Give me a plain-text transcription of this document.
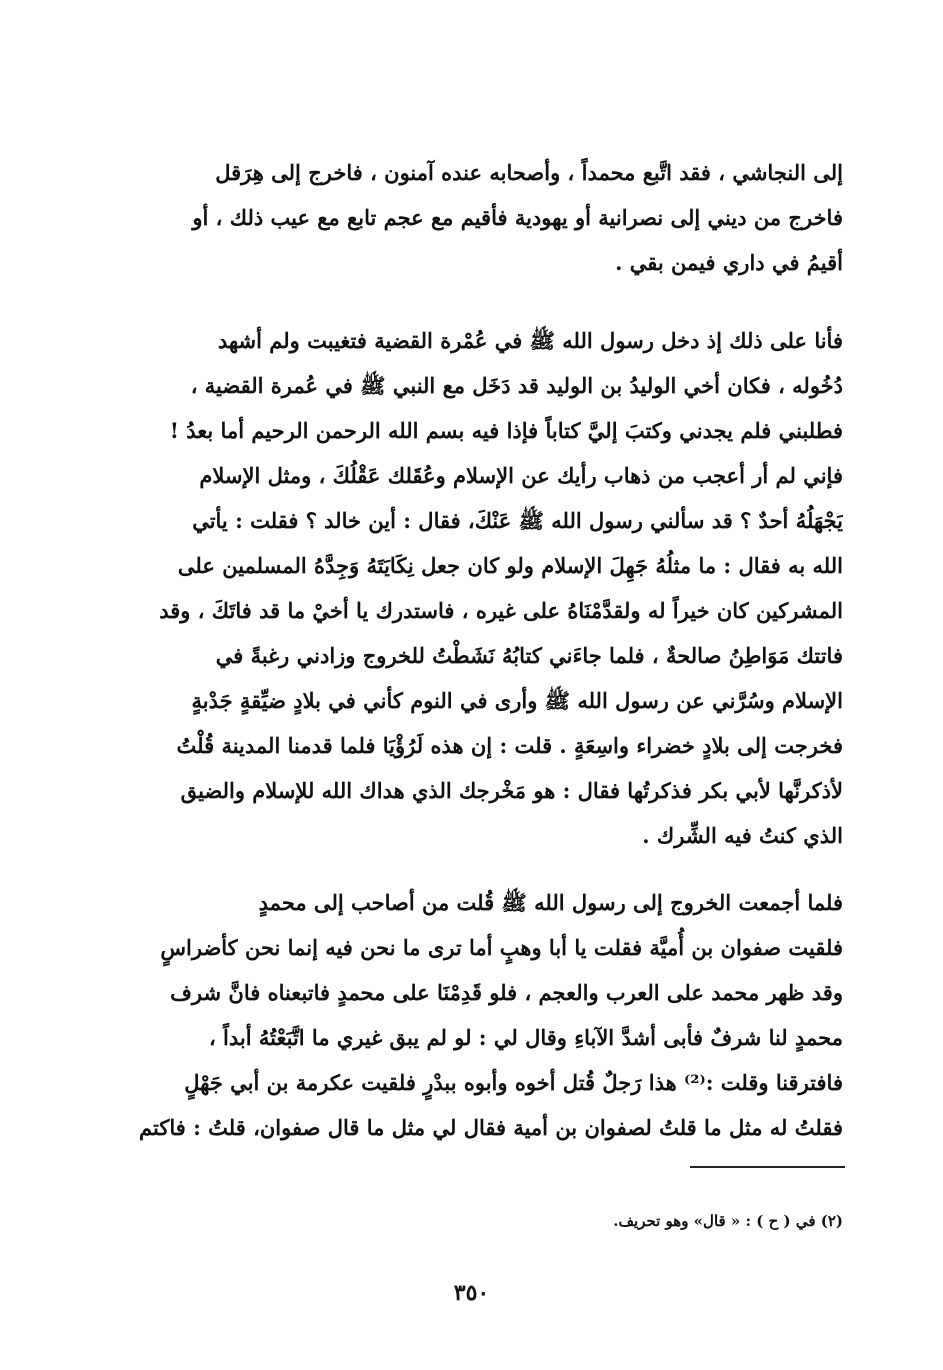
إلى النجاشي ، فقد اتَّبع محمداً ، وأصحابه عنده آمنون ، فاخرج إلى هِرَقل
فاخرج من ديني إلى نصرانية أو يهودية فأقيم مع عجم تابع مع عيب ذلك ، أو
أقيمُ في داري فيمن بقي .
فأنا على ذلك إذ دخل رسول الله ﷺ في عُمْرة القضية فتغيبت ولم أشهد
دُخُوله ، فكان أخي الوليدُ بن الوليد قد دَخَل مع النبي ﷺ في عُمرة القضية ،
فطلبني فلم يجدني وكتبَ إليَّ كتاباً فإذا فيه بسم الله الرحمن الرحيم أما بعدُ !
فإني لم أر أعجب من ذهاب رأيك عن الإسلام وعُقَلك عَقْلُكَ ، ومثل الإسلام
يَجْهَلُهُ أحدٌ ؟ قد سألني رسول الله ﷺ عَنْكَ، فقال : أين خالد ؟ فقلت : يأتي
الله به فقال : ما مثلُهُ جَهِلَ الإسلام ولو كان جعل نِكَايَتَهُ وَجِدَّهُ المسلمين على
المشركين كان خيراً له ولقدَّمْنَاهُ على غيره ، فاستدرك يا أخيْ ما قد فاتَكَ ، وقد
فاتتك مَوَاطِنُ صالحةٌ ، فلما جاءَني كتابُهُ نَشَطْتُ للخروج وزادني رغبةً في
الإسلام وسُرَّني عن رسول الله ﷺ وأرى في النوم كأني في بلادٍ ضيِّقةٍ جَدْبةٍ
فخرجت إلى بلادٍ خضراء واسِعَةٍ . قلت : إن هذه لَرُؤْيَا فلما قدمنا المدينة قُلْتُ
لأذكرنَّها لأبي بكر فذكرتُها فقال : هو مَخْرجك الذي هداك الله للإسلام والضيق
الذي كنتُ فيه الشِّرك .
فلما أجمعت الخروج إلى رسول الله ﷺ قُلت من أصاحب إلى محمدٍ
فلقيت صفوان بن أُميَّة فقلت يا أبا وهبٍ أما ترى ما نحن فيه إنما نحن كأضراسٍ
وقد ظهر محمد على العرب والعجم ، فلو قَدِمْنَا على محمدٍ فاتبعناه فانَّ شرف
محمدٍ لنا شرفٌ فأبى أشدَّ الآباءِ وقال لي : لو لم يبق غيري ما اتَّبَعْتُهُ أبداً ،
فافترقنا وقلت :⁽²⁾ هذا رَجلٌ قُتل أخوه وأبوه ببدْرٍ فلقيت عكرمة بن أبي جَهْلٍ
فقلتُ له مثل ما قلتُ لصفوان بن أمية فقال لي مثل ما قال صفوان، قلتُ : فاكتم
(٢) في ( ح ) : « قال» وهو تحريف.
٣٥٠
